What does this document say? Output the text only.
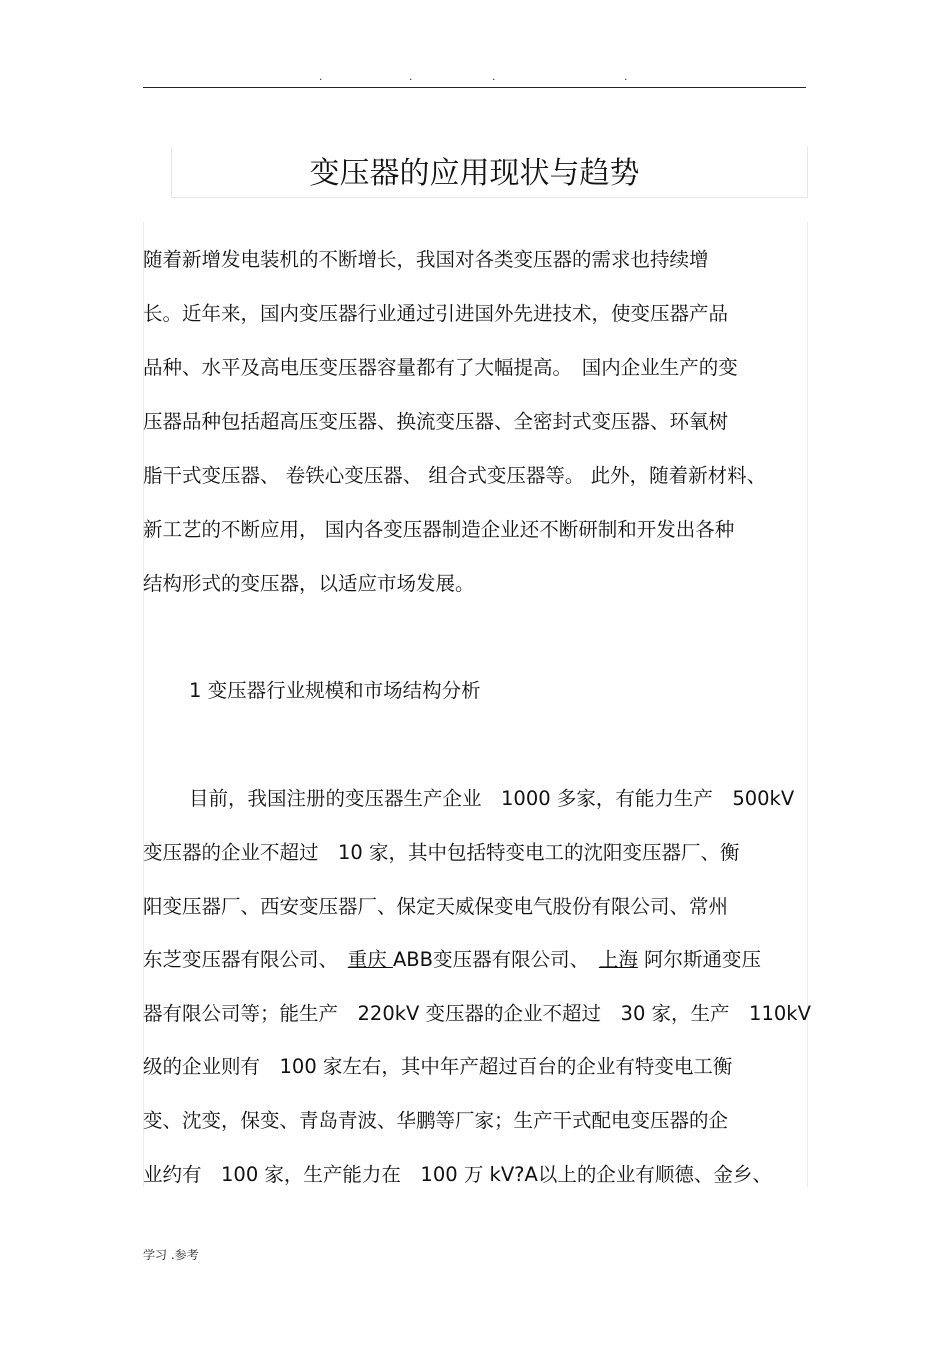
.	.	.	.
变压器的应用现状与趋势
随着新增发电装机的不断增长，我国对各类变压器的需求也持续增
长。近年来，国内变压器行业通过引进国外先进技术，使变压器产品
品种、水平及高电压变压器容量都有了大幅提高。　国内企业生产的变
压器品种包括超高压变压器、换流变压器、全密封式变压器、环氧树
脂干式变压器、 卷铁心变压器、 组合式变压器等。 此外，随着新材料、
新工艺的不断应用， 国内各变压器制造企业还不断研制和开发出各种
结构形式的变压器，以适应市场发展。
1 变压器行业规模和市场结构分析
目前，我国注册的变压器生产企业　1000 多家，有能力生产　500kV
变压器的企业不超过　10 家，其中包括特变电工的沈阳变压器厂、衡
阳变压器厂、西安变压器厂、保定天威保变电气股份有限公司、常州
东芝变压器有限公司、　重庆 ABB变压器有限公司、　上海 阿尔斯通变压
器有限公司等；能生产　220kV 变压器的企业不超过　30 家，生产　110kV
级的企业则有　100 家左右，其中年产超过百台的企业有特变电工衡
变、沈变，保变、青岛青波、华鹏等厂家；生产干式配电变压器的企
业约有　100 家，生产能力在　100 万 kV?A以上的企业有顺德、金乡、
学习 .参考
